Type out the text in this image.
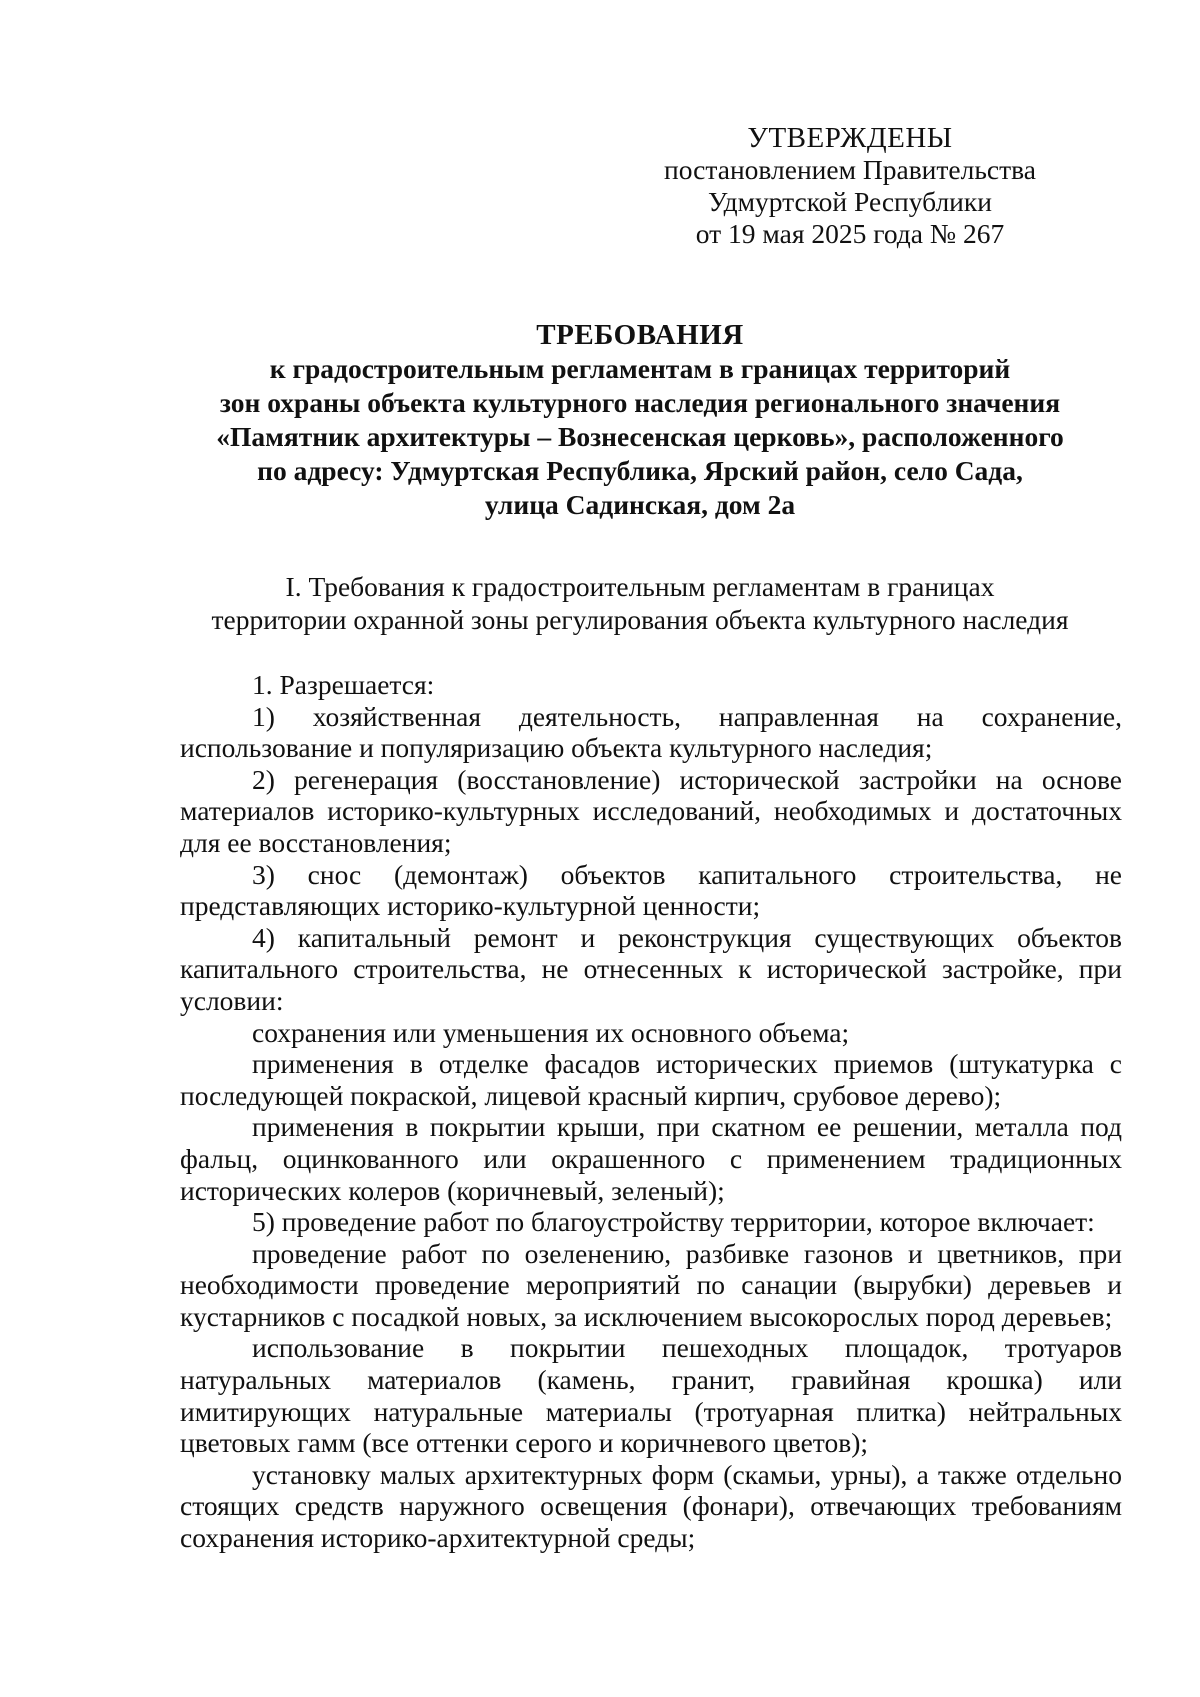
УТВЕРЖДЕНЫ
постановлением Правительства
Удмуртской Республики
от 19 мая 2025 года № 267
ТРЕБОВАНИЯ
к градостроительным регламентам в границах территорий
зон охраны объекта культурного наследия регионального значения
«Памятник архитектуры – Вознесенская церковь», расположенного
по адресу: Удмуртская Республика, Ярский район, село Сада,
улица Садинская, дом 2а
I. Требования к градостроительным регламентам в границах
территории охранной зоны регулирования объекта культурного наследия

1. Разрешается:

1) хозяйственная деятельность, направленная на сохранение, использование и популяризацию объекта культурного наследия;

2) регенерация (восстановление) исторической застройки на основе материалов историко-культурных исследований, необходимых и достаточных для ее восстановления;

3) снос (демонтаж) объектов капитального строительства, не представляющих историко-культурной ценности;

4) капитальный ремонт и реконструкция существующих объектов капитального строительства, не отнесенных к исторической застройке, при условии:

сохранения или уменьшения их основного объема;

применения в отделке фасадов исторических приемов (штукатурка с последующей покраской, лицевой красный кирпич, срубовое дерево);

применения в покрытии крыши, при скатном ее решении, металла под фальц, оцинкованного или окрашенного с применением традиционных исторических колеров (коричневый, зеленый);

5) проведение работ по благоустройству территории, которое включает:

проведение работ по озеленению, разбивке газонов и цветников, при необходимости проведение мероприятий по санации (вырубки) деревьев и кустарников с посадкой новых, за исключением высокорослых пород деревьев;

использование в покрытии пешеходных площадок, тротуаров натуральных материалов (камень, гранит, гравийная крошка) или имитирующих натуральные материалы (тротуарная плитка) нейтральных цветовых гамм (все оттенки серого и коричневого цветов);

установку малых архитектурных форм (скамьи, урны), а также отдельно стоящих средств наружного освещения (фонари), отвечающих требованиям сохранения историко-архитектурной среды;
